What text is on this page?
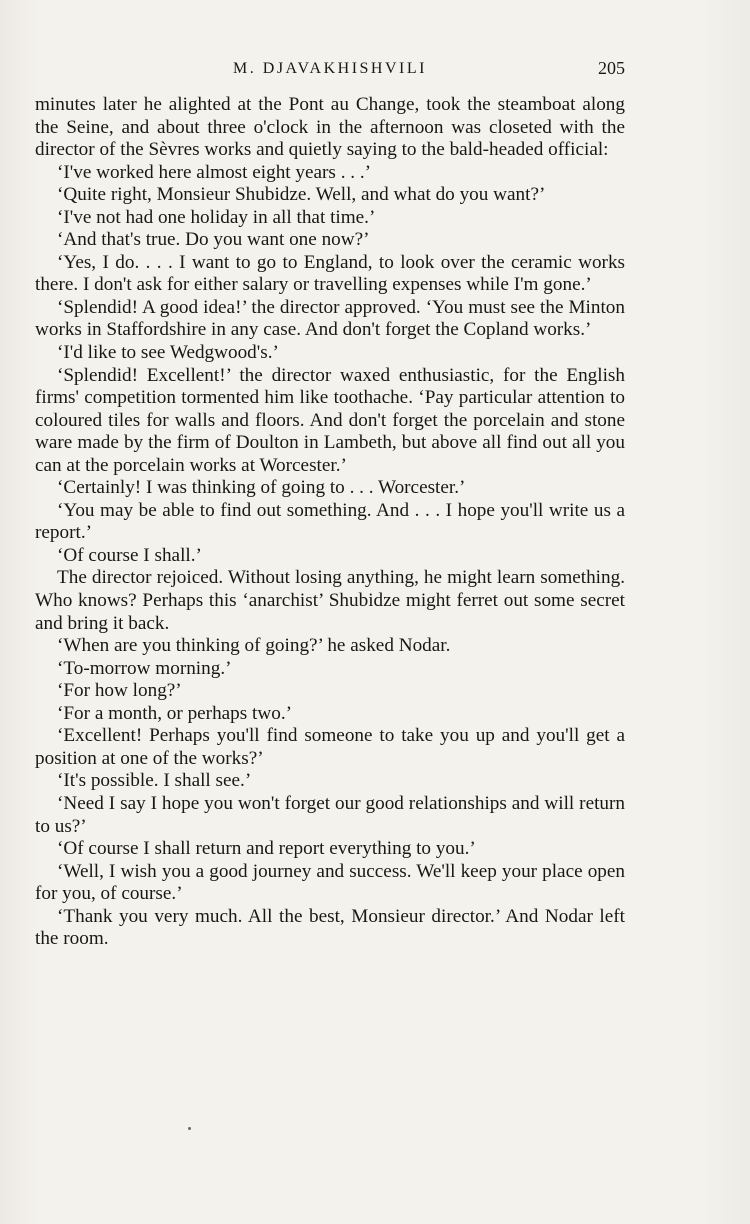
M. DJAVAKHISHVILI	205

minutes later he alighted at the Pont au Change, took the steamboat along the Seine, and about three o'clock in the afternoon was closeted with the director of the Sèvres works and quietly saying to the bald-headed official:

‘I've worked here almost eight years . . .’

‘Quite right, Monsieur Shubidze. Well, and what do you want?’

‘I've not had one holiday in all that time.’

‘And that's true. Do you want one now?’

‘Yes, I do. . . . I want to go to England, to look over the ceramic works there. I don't ask for either salary or travelling expenses while I'm gone.’

‘Splendid! A good idea!’ the director approved. ‘You must see the Minton works in Staffordshire in any case. And don't forget the Copland works.’

‘I'd like to see Wedgwood's.’

‘Splendid! Excellent!’ the director waxed enthusiastic, for the English firms' competition tormented him like toothache. ‘Pay particular attention to coloured tiles for walls and floors. And don't forget the porcelain and stone ware made by the firm of Doulton in Lambeth, but above all find out all you can at the porcelain works at Worcester.’

‘Certainly! I was thinking of going to . . . Worcester.’

‘You may be able to find out something. And . . . I hope you'll write us a report.’

‘Of course I shall.’

The director rejoiced. Without losing anything, he might learn something. Who knows? Perhaps this ‘anarchist’ Shubidze might ferret out some secret and bring it back.

‘When are you thinking of going?’ he asked Nodar.

‘To-morrow morning.’

‘For how long?’

‘For a month, or perhaps two.’

‘Excellent! Perhaps you'll find someone to take you up and you'll get a position at one of the works?’

‘It's possible. I shall see.’

‘Need I say I hope you won't forget our good relationships and will return to us?’

‘Of course I shall return and report everything to you.’

‘Well, I wish you a good journey and success. We'll keep your place open for you, of course.’

‘Thank you very much. All the best, Monsieur director.’ And Nodar left the room.
